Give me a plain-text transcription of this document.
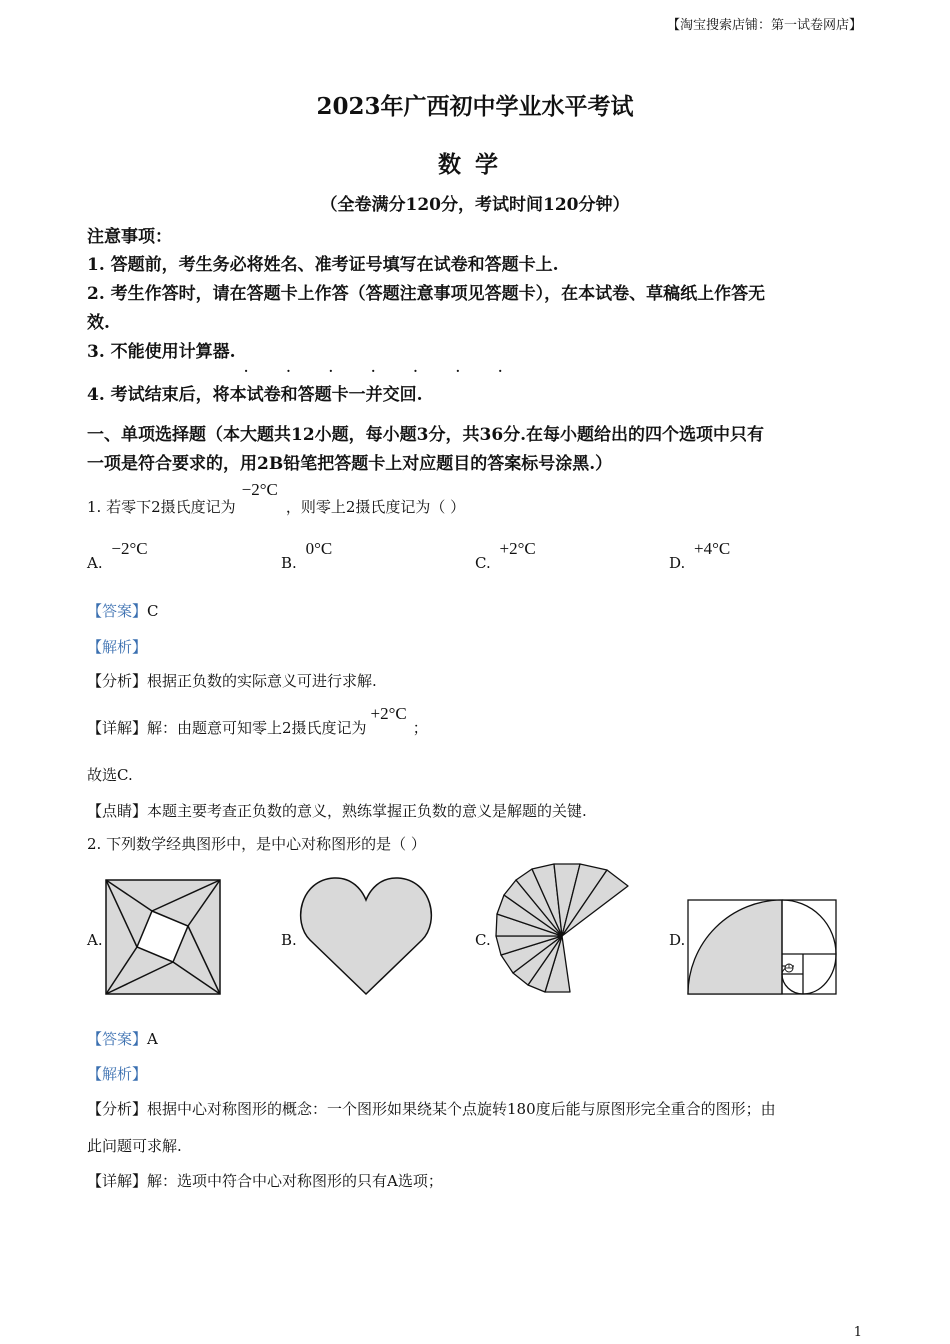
【淘宝搜索店铺：第一试卷网店】
2023年广西初中学业水平考试
数学
（全卷满分120分，考试时间120分钟）
注意事项：
1. 答题前，考生务必将姓名、准考证号填写在试卷和答题卡上.
2. 考生作答时，请在答题卡上作答（答题注意事项见答题卡），在本试卷、草稿纸上作答无
效.
3. 不能使用计算器.
· · · · · · ·
4. 考试结束后，将本试卷和答题卡一并交回.
一、单项选择题（本大题共12小题，每小题3分，共36分.在每小题给出的四个选项中只有
一项是符合要求的，用2B铅笔把答题卡上对应题目的答案标号涂黑.）
1. 若零下2摄氏度记为−2°C，则零上2摄氏度记为（ ）
A. −2°C
B. 0°C
C. +2°C
D. +4°C
【答案】C
【解析】
【分析】根据正负数的实际意义可进行求解.
【详解】解：由题意可知零上2摄氏度记为+2°C；
故选C.
【点睛】本题主要考查正负数的意义，熟练掌握正负数的意义是解题的关键.
2. 下列数学经典图形中，是中心对称图形的是（ ）
A.	B.	C.	D.
【答案】A
【解析】
【分析】根据中心对称图形的概念：一个图形如果绕某个点旋转180度后能与原图形完全重合的图形；由
此问题可求解.
【详解】解：选项中符合中心对称图形的只有A选项；
1
